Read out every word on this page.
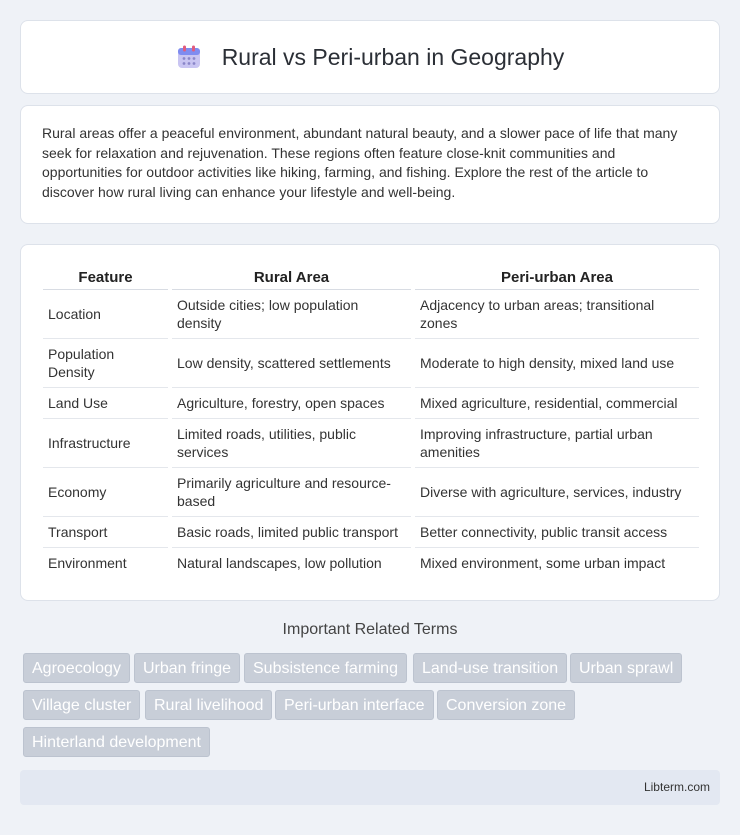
Rural vs Peri-urban in Geography

Rural areas offer a peaceful environment, abundant natural beauty, and a slower pace of life that many seek for relaxation and rejuvenation. These regions often feature close-knit communities and opportunities for outdoor activities like hiking, farming, and fishing. Explore the rest of the article to discover how rural living can enhance your lifestyle and well-being.

Feature	Rural Area	Peri-urban Area
Location	Outside cities; low population density	Adjacency to urban areas; transitional zones
Population Density	Low density, scattered settlements	Moderate to high density, mixed land use
Land Use	Agriculture, forestry, open spaces	Mixed agriculture, residential, commercial
Infrastructure	Limited roads, utilities, public services	Improving infrastructure, partial urban amenities
Economy	Primarily agriculture and resource-based	Diverse with agriculture, services, industry
Transport	Basic roads, limited public transport	Better connectivity, public transit access
Environment	Natural landscapes, low pollution	Mixed environment, some urban impact
Important Related Terms
Agroecology	Urban fringe	Subsistence farming	Land-use transition	Urban sprawl
Village cluster	Rural livelihood	Peri-urban interface	Conversion zone
Hinterland development
Libterm.com
